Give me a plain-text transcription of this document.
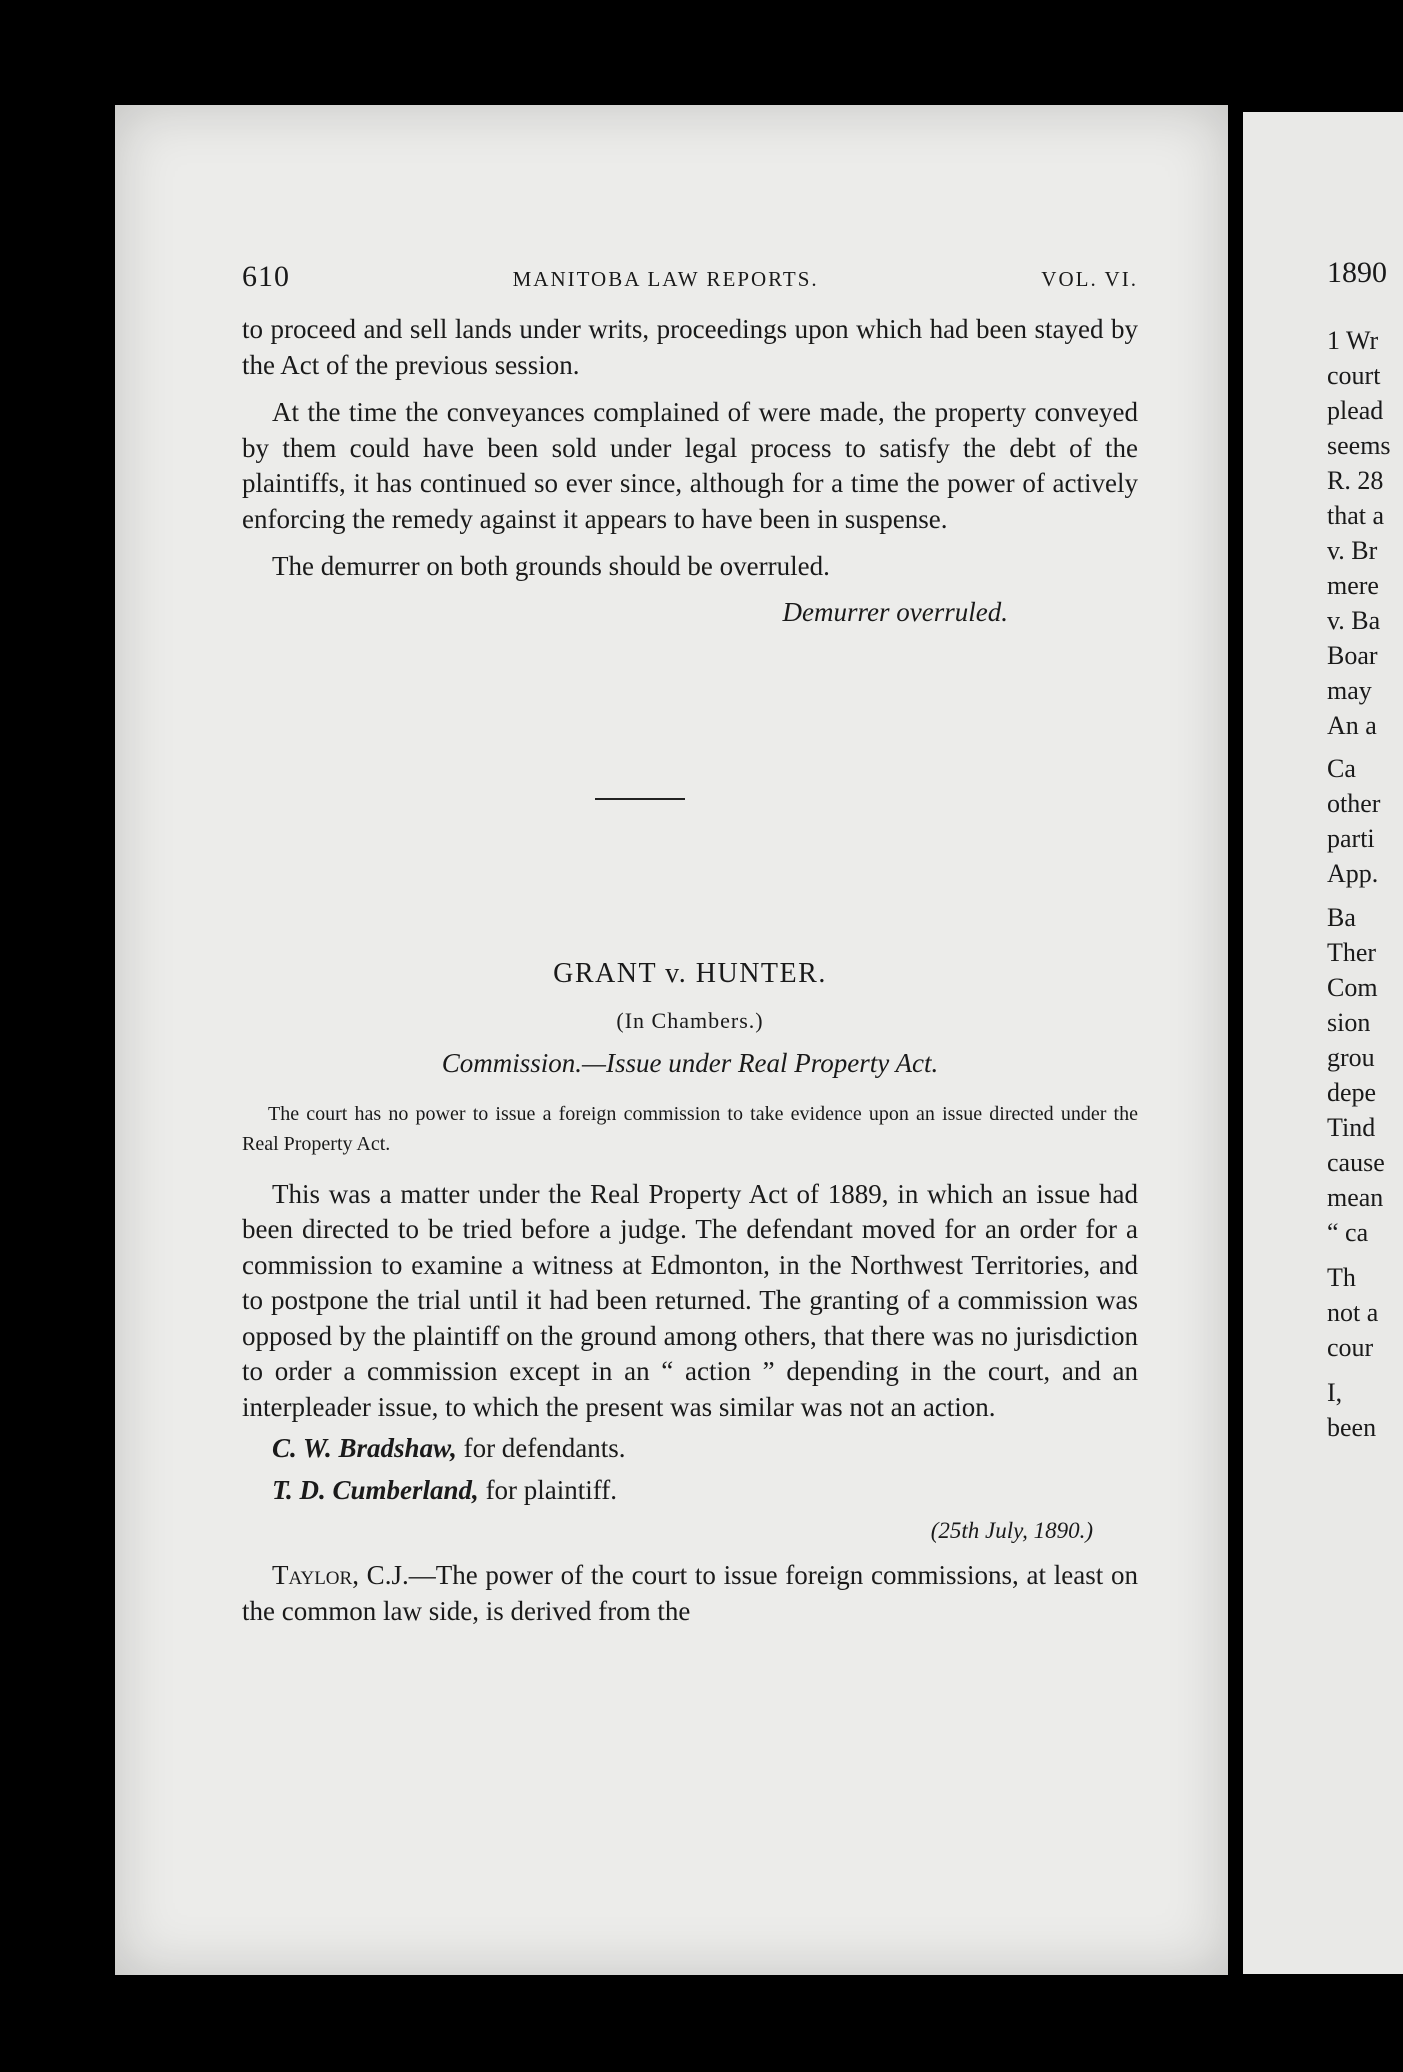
610	MANITOBA LAW REPORTS.	VOL. VI.

to proceed and sell lands under writs, proceedings upon which had been stayed by the Act of the previous session.

At the time the conveyances complained of were made, the property conveyed by them could have been sold under legal process to satisfy the debt of the plaintiffs, it has continued so ever since, although for a time the power of actively enforcing the remedy against it appears to have been in suspense.

The demurrer on both grounds should be overruled.

Demurrer overruled.
GRANT v. HUNTER.
(In Chambers.)
Commission.—Issue under Real Property Act.
The court has no power to issue a foreign commission to take evidence upon an issue directed under the Real Property Act.

This was a matter under the Real Property Act of 1889, in which an issue had been directed to be tried before a judge. The defendant moved for an order for a commission to examine a witness at Edmonton, in the Northwest Territories, and to postpone the trial until it had been returned. The granting of a commission was opposed by the plaintiff on the ground among others, that there was no jurisdiction to order a commission except in an “ action ” depending in the court, and an interpleader issue, to which the present was similar was not an action.

C. W. Bradshaw, for defendants.
T. D. Cumberland, for plaintiff.
(25th July, 1890.)

Taylor, C.J.—The power of the court to issue foreign commissions, at least on the common law side, is derived from the

1890
1 Wr
court
plead
seems
R. 28
that a
v. Br
mere
v. Ba
Boar
may
An a
Ca
other
parti
App.
Ba
Ther
Com
sion
grou
depe
Tind
cause
mean
“ ca
Th
not a
cour
I,
been
